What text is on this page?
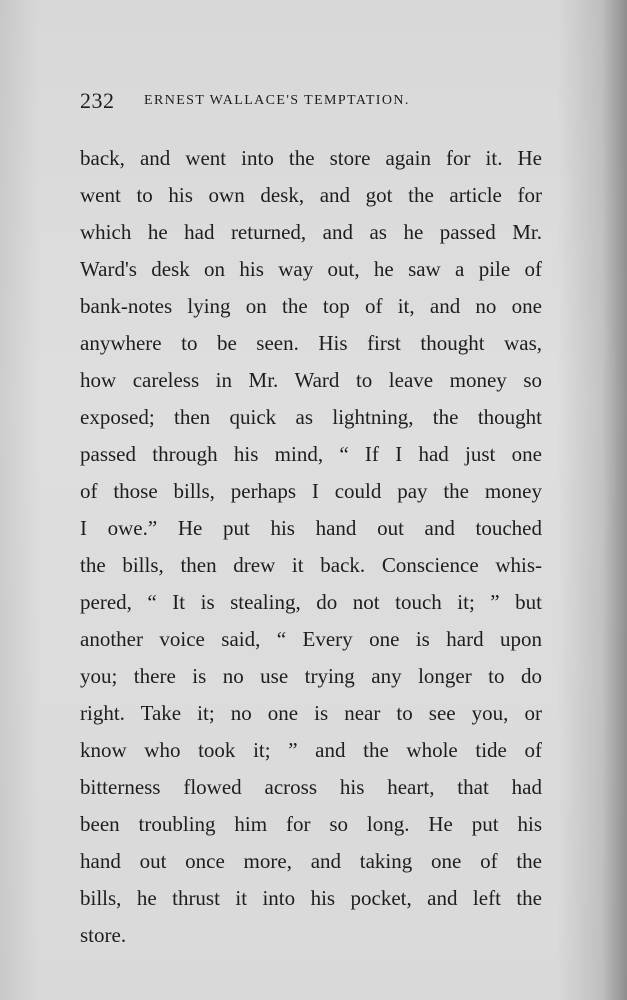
232 ERNEST WALLACE'S TEMPTATION.
back, and went into the store again for it. He
went to his own desk, and got the article for
which he had returned, and as he passed Mr.
Ward's desk on his way out, he saw a pile of
bank-notes lying on the top of it, and no one
anywhere to be seen. His first thought was,
how careless in Mr. Ward to leave money so
exposed; then quick as lightning, the thought
passed through his mind, “ If I had just one
of those bills, perhaps I could pay the money
I owe.” He put his hand out and touched
the bills, then drew it back. Conscience whis-
pered, “ It is stealing, do not touch it; ” but
another voice said, “ Every one is hard upon
you; there is no use trying any longer to do
right. Take it; no one is near to see you, or
know who took it; ” and the whole tide of
bitterness flowed across his heart, that had
been troubling him for so long. He put his
hand out once more, and taking one of the
bills, he thrust it into his pocket, and left the
store.
